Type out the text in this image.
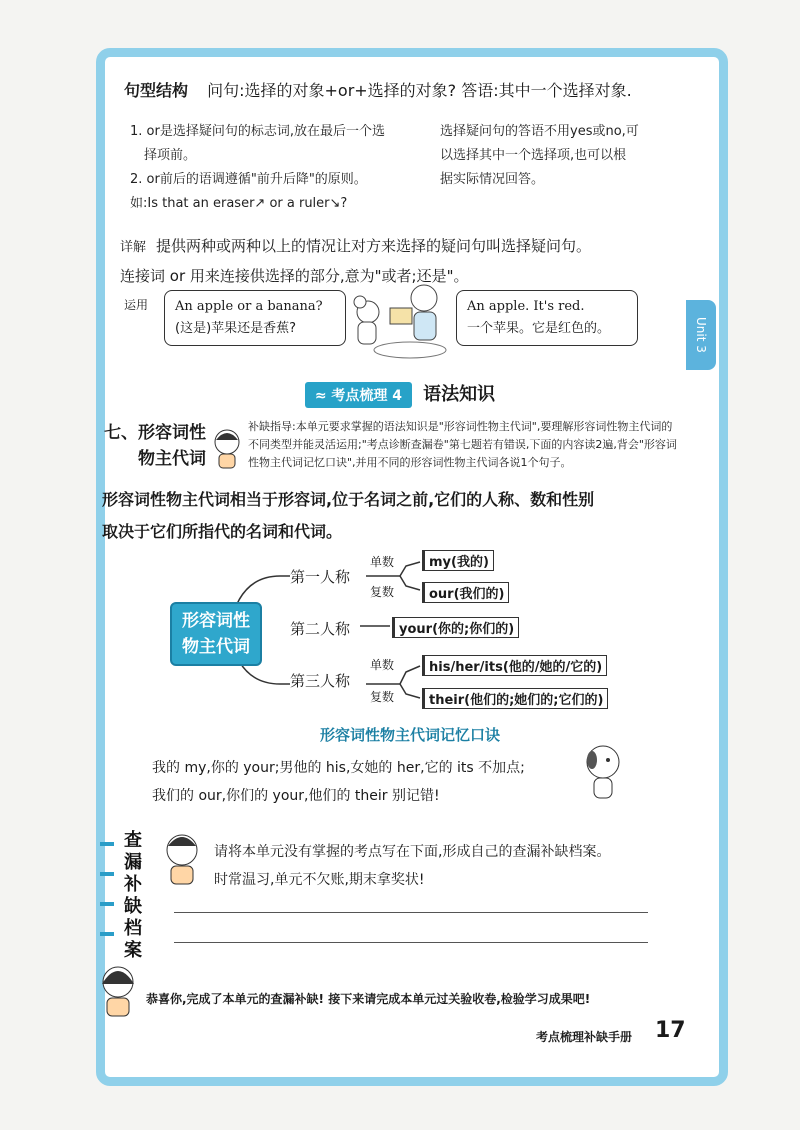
句型结构 问句:选择的对象+or+选择的对象? 答语:其中一个选择对象.
1. or是选择疑问句的标志词,放在最后一个选
择项前。
2. or前后的语调遵循"前升后降"的原则。
如:Is that an eraser↗ or a ruler↘?
选择疑问句的答语不用yes或no,可
以选择其中一个选择项,也可以根
据实际情况回答。
详解 提供两种或两种以上的情况让对方来选择的疑问句叫选择疑问句。
连接词 or 用来连接供选择的部分,意为"或者;还是"。
运用 An apple or a banana?
(这是)苹果还是香蕉?
An apple. It's red.
一个苹果。它是红色的。	Unit 3
≈ 考点梳理 4 语法知识
七、形容词性
物主代词
补缺指导:本单元要求掌握的语法知识是"形容词性物主代词",要理解形容词性物主代词的不同类型并能灵活运用;"考点诊断查漏卷"第七题若有错误,下面的内容读2遍,背会"形容词性物主代词记忆口诀",并用不同的形容词性物主代词各说1个句子。
形容词性物主代词相当于形容词,位于名词之前,它们的人称、数和性别
取决于它们所指代的名词和代词。
形容词性
物主代词
第一人称
单数
复数
my(我的)
our(我们的)
第二人称	your(你的;你们的)
第三人称
单数
复数
his/her/its(他的/她的/它的)
their(他们的;她们的;它们的)
形容词性物主代词记忆口诀
我的 my,你的 your;男他的 his,女她的 her,它的 its 不加点;
我们的 our,你们的 your,他们的 their 别记错!
查
漏
补
缺
档
案
请将本单元没有掌握的考点写在下面,形成自己的查漏补缺档案。
时常温习,单元不欠账,期末拿奖状!
恭喜你,完成了本单元的查漏补缺! 接下来请完成本单元过关验收卷,检验学习成果吧!
考点梳理补缺手册 17
